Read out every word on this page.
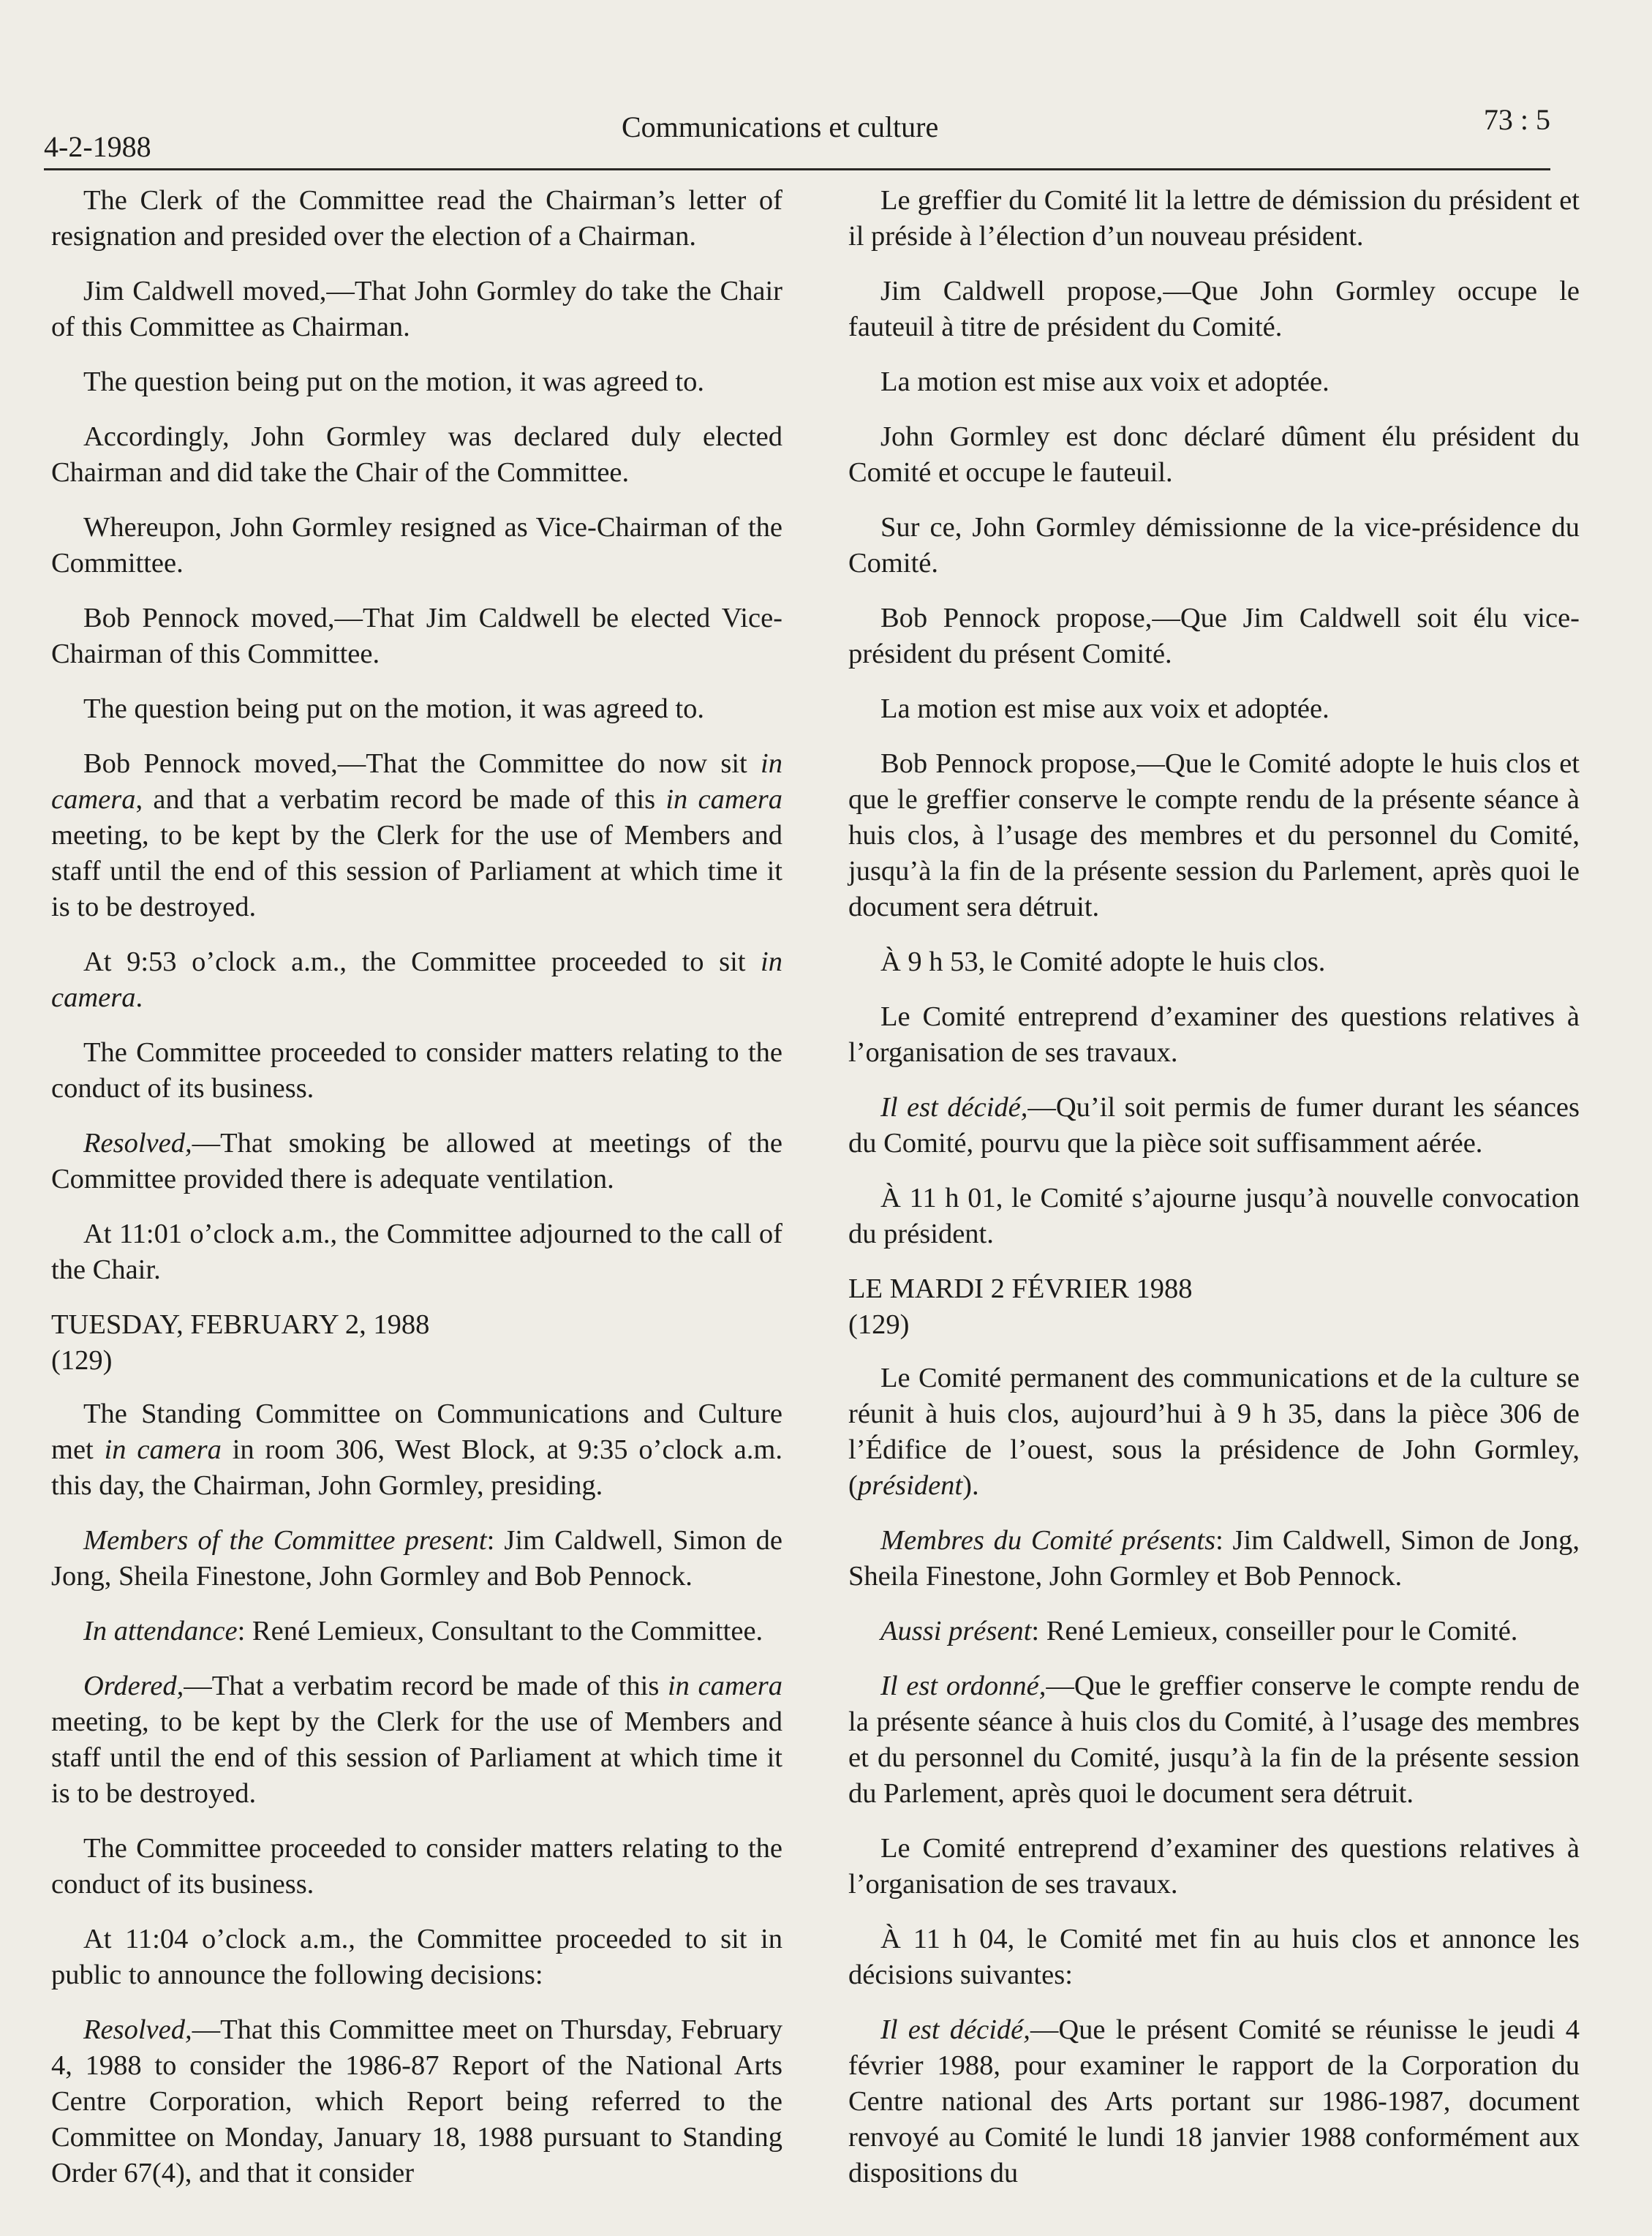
4-2-1988
Communications et culture	73 : 5

The Clerk of the Committee read the Chairman’s letter of resignation and presided over the election of a Chairman.

Jim Caldwell moved,—That John Gormley do take the Chair of this Committee as Chairman.

The question being put on the motion, it was agreed to.

Accordingly, John Gormley was declared duly elected Chairman and did take the Chair of the Committee.

Whereupon, John Gormley resigned as Vice-Chairman of the Committee.

Bob Pennock moved,—That Jim Caldwell be elected Vice-Chairman of this Committee.

The question being put on the motion, it was agreed to.

Bob Pennock moved,—That the Committee do now sit in camera, and that a verbatim record be made of this in camera meeting, to be kept by the Clerk for the use of Members and staff until the end of this session of Parliament at which time it is to be destroyed.

At 9:53 o’clock a.m., the Committee proceeded to sit in camera.

The Committee proceeded to consider matters relating to the conduct of its business.

Resolved,—That smoking be allowed at meetings of the Committee provided there is adequate ventilation.

At 11:01 o’clock a.m., the Committee adjourned to the call of the Chair.

TUESDAY, FEBRUARY 2, 1988

(129)

The Standing Committee on Communications and Culture met in camera in room 306, West Block, at 9:35 o’clock a.m. this day, the Chairman, John Gormley, presiding.

Members of the Committee present: Jim Caldwell, Simon de Jong, Sheila Finestone, John Gormley and Bob Pennock.

In attendance: René Lemieux, Consultant to the Committee.

Ordered,—That a verbatim record be made of this in camera meeting, to be kept by the Clerk for the use of Members and staff until the end of this session of Parliament at which time it is to be destroyed.

The Committee proceeded to consider matters relating to the conduct of its business.

At 11:04 o’clock a.m., the Committee proceeded to sit in public to announce the following decisions:

Resolved,—That this Committee meet on Thursday, February 4, 1988 to consider the 1986-87 Report of the National Arts Centre Corporation, which Report being referred to the Committee on Monday, January 18, 1988 pursuant to Standing Order 67(4), and that it consider

Le greffier du Comité lit la lettre de démission du président et il préside à l’élection d’un nouveau président.

Jim Caldwell propose,—Que John Gormley occupe le fauteuil à titre de président du Comité.

La motion est mise aux voix et adoptée.

John Gormley est donc déclaré dûment élu président du Comité et occupe le fauteuil.

Sur ce, John Gormley démissionne de la vice-présidence du Comité.

Bob Pennock propose,—Que Jim Caldwell soit élu vice-président du présent Comité.

La motion est mise aux voix et adoptée.

Bob Pennock propose,—Que le Comité adopte le huis clos et que le greffier conserve le compte rendu de la présente séance à huis clos, à l’usage des membres et du personnel du Comité, jusqu’à la fin de la présente session du Parlement, après quoi le document sera détruit.

À 9 h 53, le Comité adopte le huis clos.

Le Comité entreprend d’examiner des questions relatives à l’organisation de ses travaux.

Il est décidé,—Qu’il soit permis de fumer durant les séances du Comité, pourvu que la pièce soit suffisamment aérée.

À 11 h 01, le Comité s’ajourne jusqu’à nouvelle convocation du président.

LE MARDI 2 FÉVRIER 1988

(129)

Le Comité permanent des communications et de la culture se réunit à huis clos, aujourd’hui à 9 h 35, dans la pièce 306 de l’Édifice de l’ouest, sous la présidence de John Gormley, (président).

Membres du Comité présents: Jim Caldwell, Simon de Jong, Sheila Finestone, John Gormley et Bob Pennock.

Aussi présent: René Lemieux, conseiller pour le Comité.

Il est ordonné,—Que le greffier conserve le compte rendu de la présente séance à huis clos du Comité, à l’usage des membres et du personnel du Comité, jusqu’à la fin de la présente session du Parlement, après quoi le document sera détruit.

Le Comité entreprend d’examiner des questions relatives à l’organisation de ses travaux.

À 11 h 04, le Comité met fin au huis clos et annonce les décisions suivantes:

Il est décidé,—Que le présent Comité se réunisse le jeudi 4 février 1988, pour examiner le rapport de la Corporation du Centre national des Arts portant sur 1986-1987, document renvoyé au Comité le lundi 18 janvier 1988 conformément aux dispositions du
